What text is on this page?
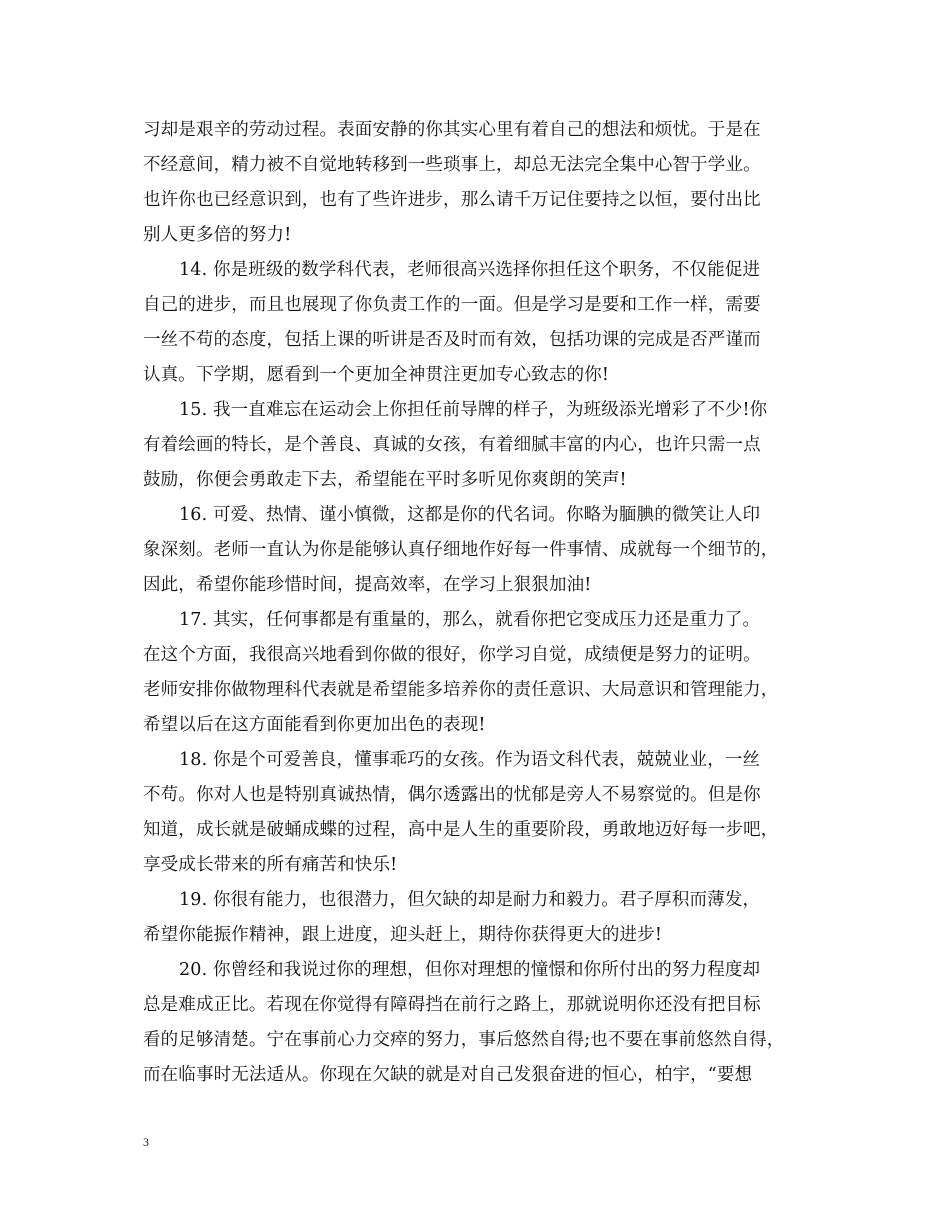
习却是艰辛的劳动过程。表面安静的你其实心里有着自己的想法和烦忧。于是在
不经意间，精力被不自觉地转移到一些琐事上，却总无法完全集中心智于学业。
也许你也已经意识到，也有了些许进步，那么请千万记住要持之以恒，要付出比
别人更多倍的努力!
14. 你是班级的数学科代表，老师很高兴选择你担任这个职务，不仅能促进
自己的进步，而且也展现了你负责工作的一面。但是学习是要和工作一样，需要
一丝不苟的态度，包括上课的听讲是否及时而有效，包括功课的完成是否严谨而
认真。下学期，愿看到一个更加全神贯注更加专心致志的你!
15. 我一直难忘在运动会上你担任前导牌的样子，为班级添光增彩了不少!你
有着绘画的特长，是个善良、真诚的女孩，有着细腻丰富的内心，也许只需一点
鼓励，你便会勇敢走下去，希望能在平时多听见你爽朗的笑声!
16. 可爱、热情、谨小慎微，这都是你的代名词。你略为腼腆的微笑让人印
象深刻。老师一直认为你是能够认真仔细地作好每一件事情、成就每一个细节的，
因此，希望你能珍惜时间，提高效率，在学习上狠狠加油!
17. 其实，任何事都是有重量的，那么，就看你把它变成压力还是重力了。
在这个方面，我很高兴地看到你做的很好，你学习自觉，成绩便是努力的证明。
老师安排你做物理科代表就是希望能多培养你的责任意识、大局意识和管理能力，
希望以后在这方面能看到你更加出色的表现!
18. 你是个可爱善良，懂事乖巧的女孩。作为语文科代表，兢兢业业，一丝
不苟。你对人也是特别真诚热情，偶尔透露出的忧郁是旁人不易察觉的。但是你
知道，成长就是破蛹成蝶的过程，高中是人生的重要阶段，勇敢地迈好每一步吧，
享受成长带来的所有痛苦和快乐!
19. 你很有能力，也很潜力，但欠缺的却是耐力和毅力。君子厚积而薄发，
希望你能振作精神，跟上进度，迎头赶上，期待你获得更大的进步!
20. 你曾经和我说过你的理想，但你对理想的憧憬和你所付出的努力程度却
总是难成正比。若现在你觉得有障碍挡在前行之路上，那就说明你还没有把目标
看的足够清楚。宁在事前心力交瘁的努力，事后悠然自得;也不要在事前悠然自得，
而在临事时无法适从。你现在欠缺的就是对自己发狠奋进的恒心，柏宇，“要想
3
